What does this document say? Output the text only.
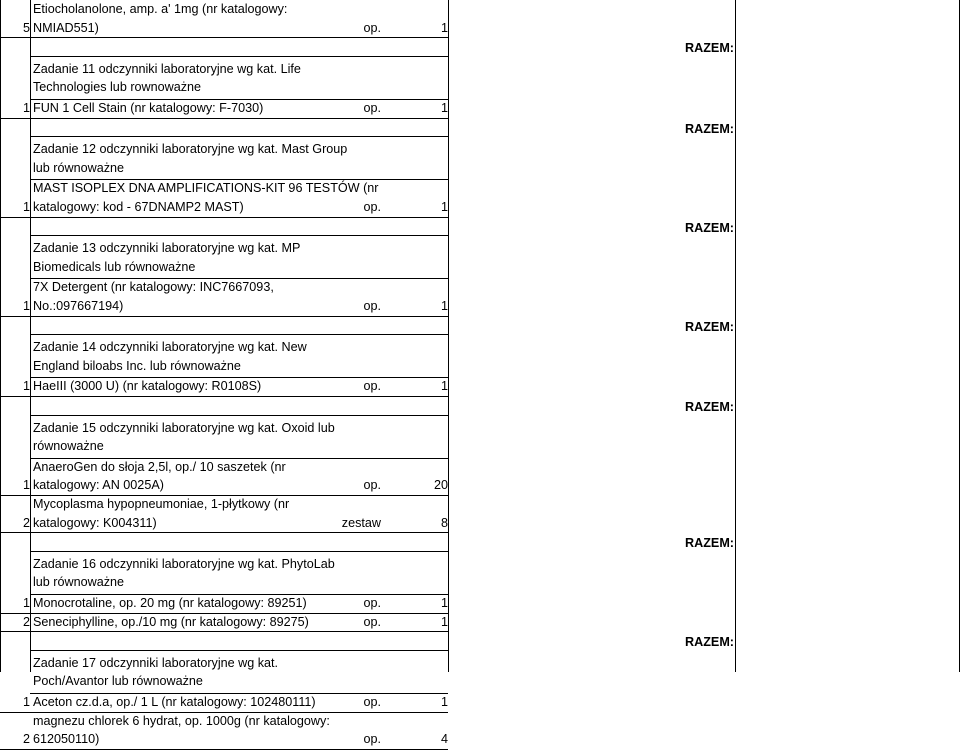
Etiocholanolone, amp. a' 1mg (nr katalogowy:
NMIAD551)
5	op.	1
RAZEM:
Zadanie 11 odczynniki laboratoryjne wg kat. Life
Technologies lub rownoważne
FUN 1 Cell Stain (nr katalogowy: F-7030)
1	op.	1
RAZEM:
Zadanie 12 odczynniki laboratoryjne wg kat. Mast Group
lub równoważne
MAST ISOPLEX DNA AMPLIFICATIONS-KIT 96 TESTÓW (nr
katalogowy: kod - 67DNAMP2 MAST)
1	op.	1
RAZEM:
Zadanie 13 odczynniki laboratoryjne wg kat. MP
Biomedicals lub równoważne
7X Detergent (nr katalogowy: INC7667093,
No.:097667194)
1	op.	1
RAZEM:
Zadanie 14 odczynniki laboratoryjne wg kat. New
England biloabs Inc. lub równoważne
HaeIII (3000 U) (nr katalogowy: R0108S)
1	op.	1
RAZEM:
Zadanie 15 odczynniki laboratoryjne wg kat. Oxoid lub
równoważne
AnaeroGen do słoja 2,5l, op./ 10 saszetek (nr
katalogowy: AN 0025A)
1	op.	20
Mycoplasma hypopneumoniae, 1-płytkowy (nr
katalogowy: K004311)
2	zestaw	8
RAZEM:
Zadanie 16 odczynniki laboratoryjne wg kat. PhytoLab
lub równoważne
Monocrotaline, op. 20 mg (nr katalogowy: 89251)
1	op.	1
Seneciphylline, op./10 mg (nr katalogowy: 89275)
2	op.	1
RAZEM:
Zadanie 17 odczynniki laboratoryjne wg kat.
Poch/Avantor lub równoważne
Aceton cz.d.a, op./ 1 L (nr katalogowy: 102480111)
1	op.	1
magnezu chlorek 6 hydrat, op. 1000g (nr katalogowy:
612050110)
2	op.	4
